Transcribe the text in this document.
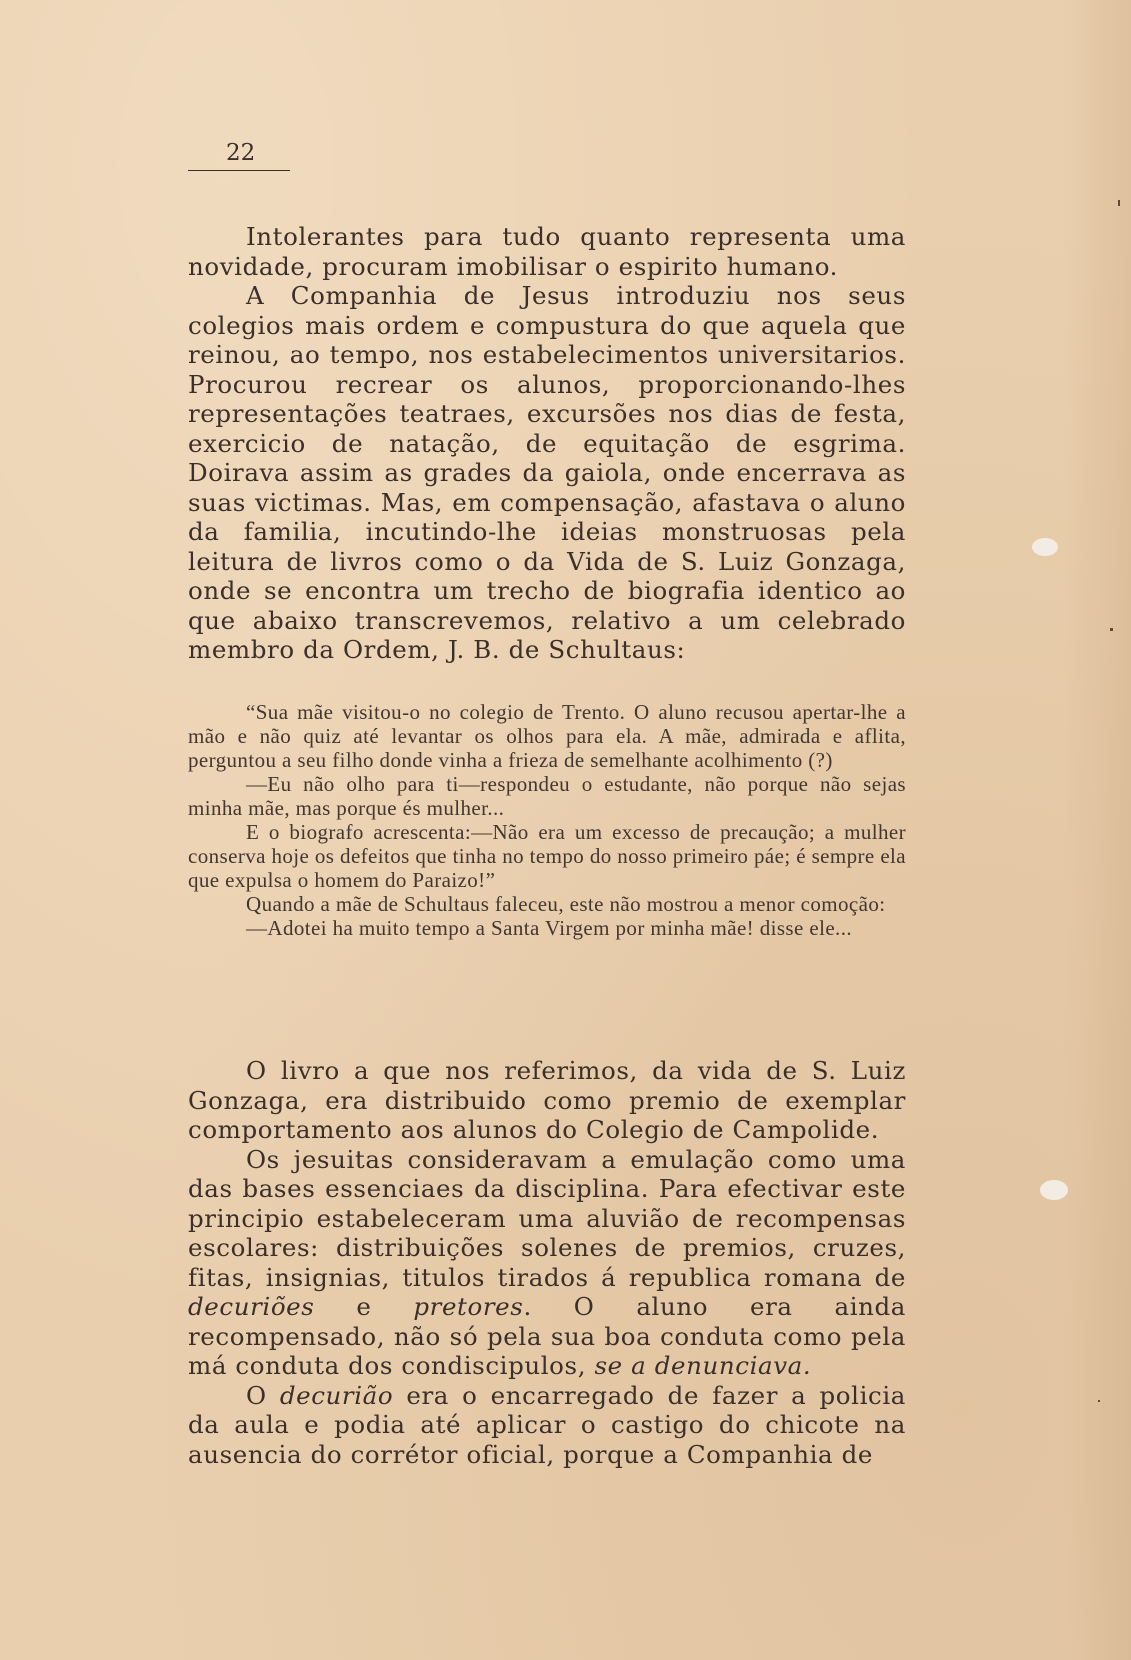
22

Intolerantes para tudo quanto representa uma novidade, procuram imobilisar o espirito humano.

A Companhia de Jesus introduziu nos seus colegios mais ordem e compustura do que aquela que reinou, ao tempo, nos estabelecimentos universitarios. Procurou recrear os alunos, proporcionando-lhes representações teatraes, excursões nos dias de festa, exercicio de natação, de equitação de esgrima. Doirava assim as grades da gaiola, onde encerrava as suas victimas. Mas, em compensação, afastava o aluno da familia, incutindo-lhe ideias monstruosas pela leitura de livros como o da Vida de S. Luiz Gonzaga, onde se encontra um trecho de biografia identico ao que abaixo transcrevemos, relativo a um celebrado membro da Ordem, J. B. de Schultaus:

“Sua mãe visitou-o no colegio de Trento. O aluno recusou apertar-lhe a mão e não quiz até levantar os olhos para ela. A mãe, admirada e aflita, perguntou a seu filho donde vinha a frieza de semelhante acolhimento (?)

—Eu não olho para ti—respondeu o estudante, não porque não sejas minha mãe, mas porque és mulher...

E o biografo acrescenta:—Não era um excesso de precaução; a mulher conserva hoje os defeitos que tinha no tempo do nosso primeiro páe; é sempre ela que expulsa o homem do Paraizo!”

Quando a mãe de Schultaus faleceu, este não mostrou a menor comoção:

—Adotei ha muito tempo a Santa Virgem por minha mãe! disse ele...

O livro a que nos referimos, da vida de S. Luiz Gonzaga, era distribuido como premio de exemplar comportamento aos alunos do Colegio de Campolide.

Os jesuitas consideravam a emulação como uma das bases essenciaes da disciplina. Para efectivar este principio estabeleceram uma aluvião de recompensas escolares: distribuições solenes de premios, cruzes, fitas, insignias, titulos tirados á republica romana de decuriões e pretores. O aluno era ainda recompensado, não só pela sua boa conduta como pela má conduta dos condiscipulos, se a denunciava.

O decurião era o encarregado de fazer a policia da aula e podia até aplicar o castigo do chicote na ausencia do corrétor oficial, porque a Companhia de
